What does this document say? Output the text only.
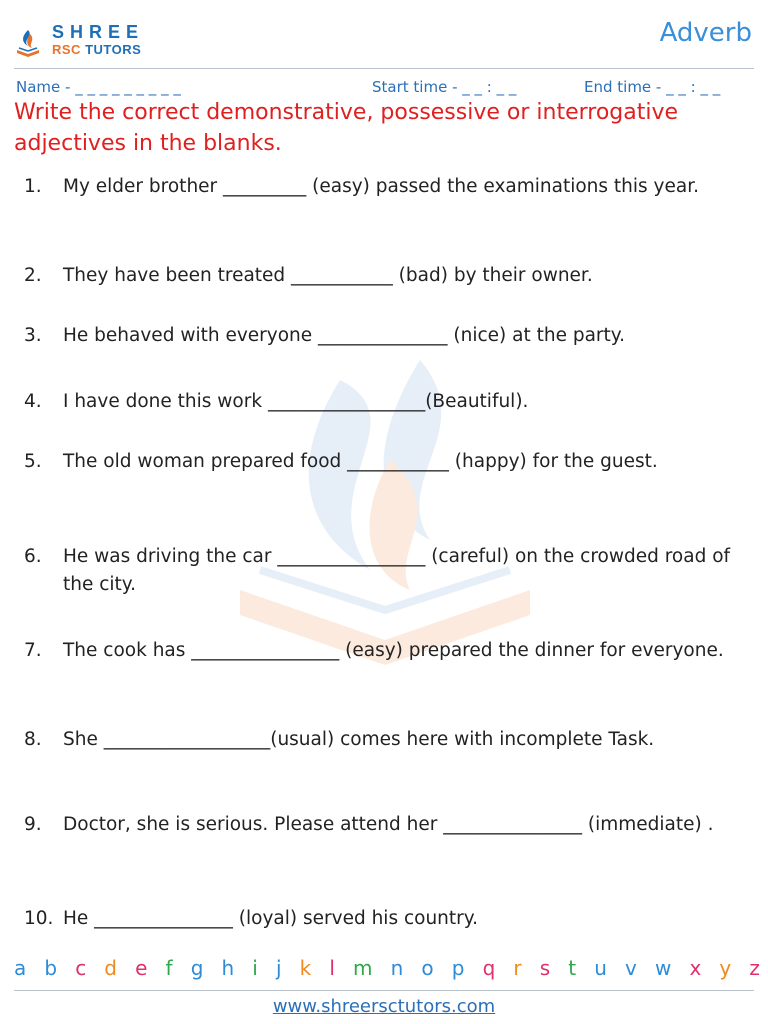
SHREE
RSC TUTORS
Adverb
Name - _ _ _ _ _ _ _ _ _	Start time - _ _ : _ _	End time - _ _ : _ _
Write the correct demonstrative, possessive or interrogative adjectives in the blanks.
1. My elder brother _________ (easy) passed the examinations this year.
2. They have been treated ___________ (bad) by their owner.
3. He behaved with everyone ______________ (nice) at the party.
4. I have done this work _________________(Beautiful).
5. The old woman prepared food ___________ (happy) for the guest.
6. He was driving the car ________________ (careful) on the crowded road of the city.
7. The cook has ________________ (easy) prepared the dinner for everyone.
8. She __________________(usual) comes here with incomplete Task.
9. Doctor, she is serious. Please attend her _______________ (immediate) .
10. He _______________ (loyal) served his country.
a b c d e f g h i j k l m n o p q r s t u v w x y z
www.shreersctutors.com
